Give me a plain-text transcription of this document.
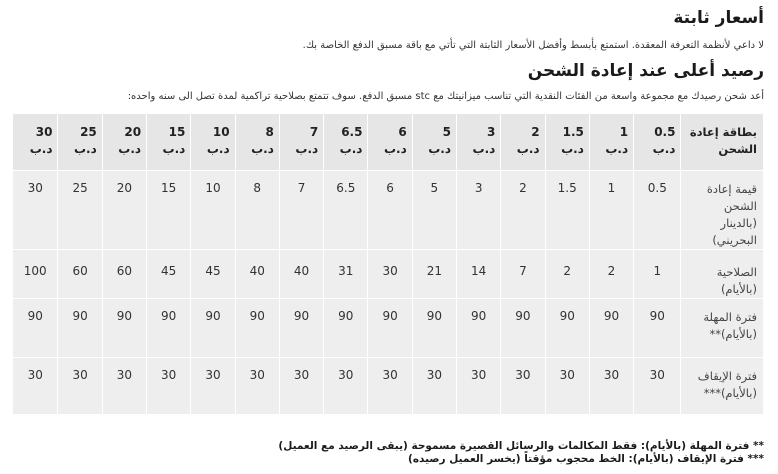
أسعار ثابتة
لا داعي لأنظمة التعرفة المعقدة. استمتع بأبسط وأفضل الأسعار الثابتة التي تأتي مع باقة مسبق الدفع الخاصة بك.
رصيد أعلى عند إعادة الشحن
أعد شحن رصيدك مع مجموعة واسعة من الفئات النقدية التي تناسب ميزانيتك مع stc مسبق الدفع. سوف تتمتع بصلاحية تراكمية لمدة تصل الى سنه واحده:
بطاقة إعادة الشحن	0.5 د.ب	1 د.ب	1.5 د.ب	2 د.ب	3 د.ب	5 د.ب	6 د.ب	6.5 د.ب	7 د.ب	8 د.ب	10 د.ب	15 د.ب	20 د.ب	25 د.ب	30 د.ب
قيمة إعادة الشحن (بالدينار البحريني)	0.5	1	1.5	2	3	5	6	6.5	7	8	10	15	20	25	30
الصلاحية (بالأيام)	1	2	2	7	14	21	30	31	40	40	45	45	60	60	100
فترة المهلة (بالأيام)**	90	90	90	90	90	90	90	90	90	90	90	90	90	90	90
فترة الإيقاف (بالأيام)***	30	30	30	30	30	30	30	30	30	30	30	30	30	30	30
** فترة المهلة (بالأيام): فقط المكالمات والرسائل القصيرة مسموحة (يبقى الرصيد مع العميل)
*** فترة الإيقاف (بالأيام): الخط محجوب مؤقتاً (يخسر العميل رصيده)
